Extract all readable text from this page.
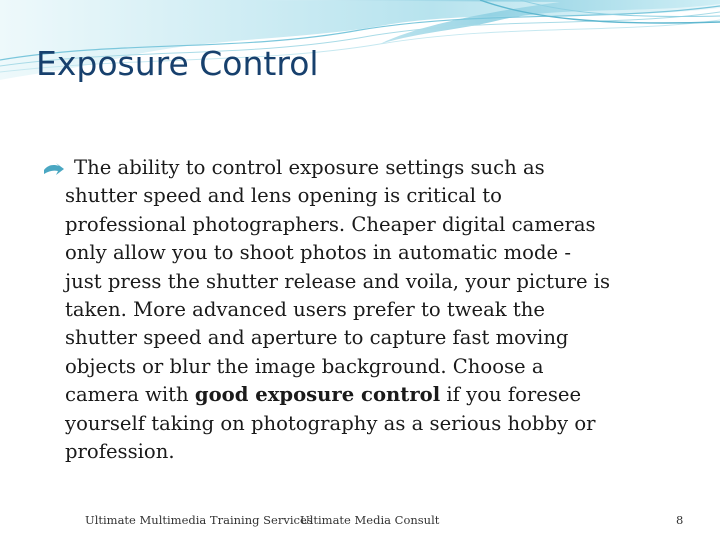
Exposure Control
The ability to control exposure settings such as
shutter speed and lens opening is critical to
professional photographers. Cheaper digital cameras
only allow you to shoot photos in automatic mode -
just press the shutter release and voila, your picture is
taken. More advanced users prefer to tweak the
shutter speed and aperture to capture fast moving
objects or blur the image background. Choose a
camera with good exposure control if you foresee
yourself taking on photography as a serious hobby or
profession.
Ultimate Multimedia Training Services
Ultimate Media Consult	8
